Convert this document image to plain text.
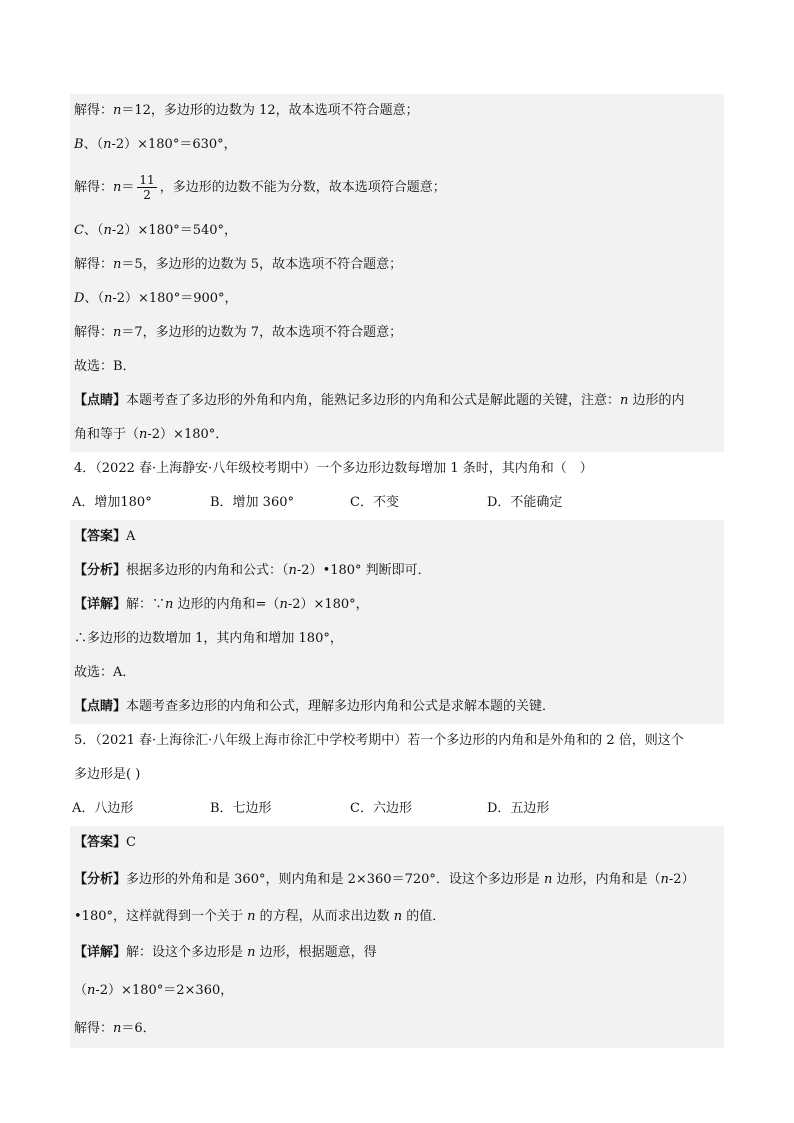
解得：n＝12，多边形的边数为 12，故本选项不符合题意；
B、（n-2）×180°＝630°，
解得：$n= \frac{11}{2}$ ，多边形的边数不能为分数，故本选项符合题意；
C、（n-2）×180°＝540°，
解得：n＝5，多边形的边数为 5，故本选项不符合题意；
D、（n-2）×180°＝900°，
解得：n＝7，多边形的边数为 7，故本选项不符合题意；
故选：B．
【点睛】本题考查了多边形的外角和内角，能熟记多边形的内角和公式是解此题的关键，注意：n 边形的内
角和等于（n-2）×180°．
4．（2022 春·上海静安·八年级校考期中）一个多边形边数每增加 1 条时，其内角和（　）
A．增加180°	B．增加 360°	C．不变	D．不能确定
【答案】A
【分析】根据多边形的内角和公式：（n-2）•180° 判断即可．
【详解】解：∵n 边形的内角和=（n-2）×180°，
∴多边形的边数增加 1，其内角和增加 180°，
故选：A．
【点睛】本题考查多边形的内角和公式，理解多边形内角和公式是求解本题的关键．
5．（2021 春·上海徐汇·八年级上海市徐汇中学校考期中）若一个多边形的内角和是外角和的 2 倍，则这个
多边形是( )
A．八边形	B．七边形	C．六边形	D．五边形
【答案】C
【分析】多边形的外角和是 360°，则内角和是 2×360＝720°．设这个多边形是 n 边形，内角和是（n-2）
•180°，这样就得到一个关于 n 的方程，从而求出边数 n 的值．
【详解】解：设这个多边形是 n 边形，根据题意，得
（n-2）×180°＝2×360，
解得：n＝6．
